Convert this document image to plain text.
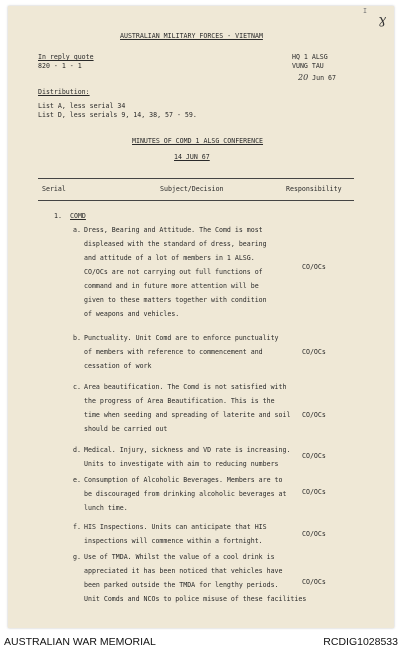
ɣ
I
AUSTRALIAN MILITARY FORCES - VIETNAM
In reply quote
820 - 1 - 1
HQ 1 ALSG
VUNG TAU
20 Jun 67
Distribution:
List A, less serial 34
List D, less serials 9, 14, 38, 57 - 59.
MINUTES OF COMD 1 ALSG CONFERENCE
14 JUN 67
Serial	Subject/Decision	Responsibility
1. COMD
a. Dress, Bearing and Attitude. The Comd is most
displeased with the standard of dress, bearing
and attitude of a lot of members in 1 ALSG.
CO/OCs are not carrying out full functions of
command and in future more attention will be
given to these matters together with condition
of weapons and vehicles.
CO/OCs
b. Punctuality. Unit Comd are to enforce punctuality
of members with reference to commencement and
cessation of work
CO/OCs
c. Area beautification. The Comd is not satisfied with
the progress of Area Beautification. This is the
time when seeding and spreading of laterite and soil
should be carried out
CO/OCs
d. Medical. Injury, sickness and VD rate is increasing.
Units to investigate with aim to reducing numbers
CO/OCs
e. Consumption of Alcoholic Beverages. Members are to
be discouraged from drinking alcoholic beverages at
lunch time.
CO/OCs
f. HIS Inspections. Units can anticipate that HIS
inspections will commence within a fortnight.
CO/OCs
g. Use of TMDA. Whilst the value of a cool drink is
appreciated it has been noticed that vehicles have
been parked outside the TMDA for lengthy periods.
Unit Comds and NCOs to police misuse of these facilities
CO/OCs
AUSTRALIAN WAR MEMORIAL	RCDIG1028533
